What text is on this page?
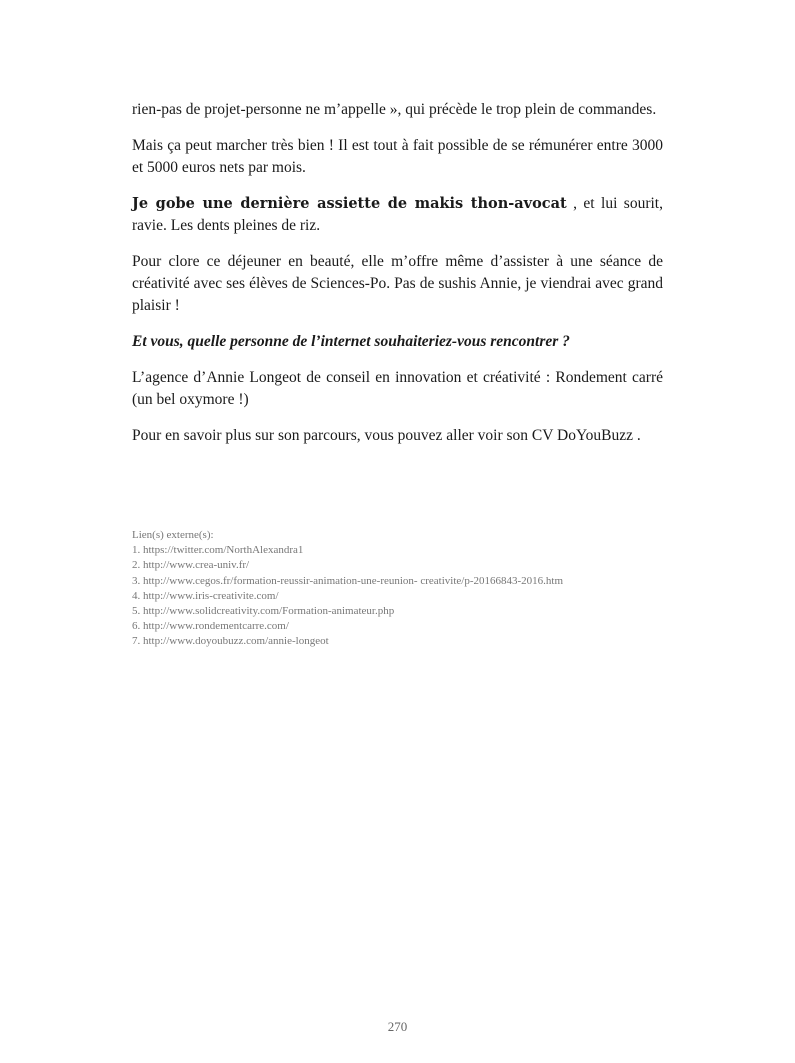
rien-pas de projet-personne ne m’appelle », qui précède le trop plein de commandes.

Mais ça peut marcher très bien ! Il est tout à fait possible de se rémunérer entre 3000 et 5000 euros nets par mois.

Je gobe une dernière assiette de makis thon-avocat , et lui sourit, ravie. Les dents pleines de riz.

Pour clore ce déjeuner en beauté, elle m’offre même d’assister à une séance de créativité avec ses élèves de Sciences-Po. Pas de sushis Annie, je viendrai avec grand plaisir !

Et vous, quelle personne de l’internet souhaiteriez-vous rencontrer ?

L’agence d’Annie Longeot de conseil en innovation et créativité : Rondement carré (un bel oxymore !)

Pour en savoir plus sur son parcours, vous pouvez aller voir son CV DoYouBuzz .

Lien(s) externe(s):

1. https://twitter.com/NorthAlexandra1
2. http://www.crea-univ.fr/
3. http://www.cegos.fr/formation-reussir-animation-une-reunion- creativite/p-20166843-2016.htm
4. http://www.iris-creativite.com/
5. http://www.solidcreativity.com/Formation-animateur.php
6. http://www.rondementcarre.com/
7. http://www.doyoubuzz.com/annie-longeot
270
